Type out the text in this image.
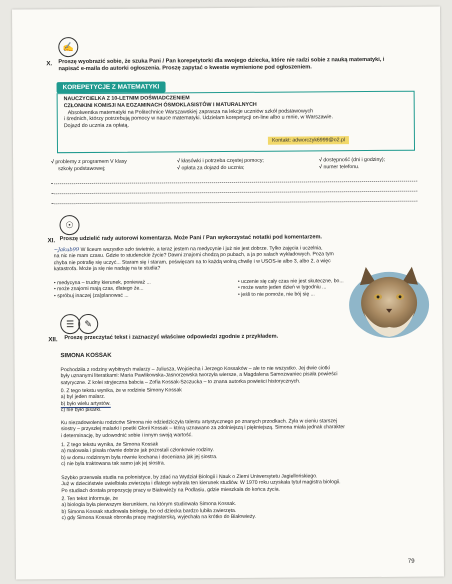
✍
X. Proszę wyobrazić sobie, że szuka Pani / Pan korepetytorki dla swojego dziecka, które nie radzi sobie z nauką matematyki, i napisać e-maila do autorki ogłoszenia. Proszę zapytać o kwestie wymienione pod ogłoszeniem.
KOREPETYCJE Z MATEMATYKI
NAUCZYCIELKA Z 10-LETNIM DOŚWIADCZENIEM
CZŁONKINI KOMISJI NA EGZAMINACH ÓSMOKLASISTÓW I MATURALNYCH
Absolwentka matematyki na Politechnice Warszawskiej zaprasza na lekcje uczniów szkół podstawowych
i średnich, którzy potrzebują pomocy w nauce matematyki. Udzielam korepetycji on-line albo u mnie, w Warszawie.
Dojazd do ucznia za opłatą.
Kontakt: adworczyk6999@o2.pl
√ problemy z programem V klasy
szkoły podstawowej;
√ kłasówki i potrzeba częstej pomocy;
√ opłata za dojazd do ucznia;
√ dostępność (dni i godziny);
√ numer telefonu.
☉
XI. Proszę udzielić rady autorowi komentarza. Może Pani / Pan wykorzystać notatki pod komentarzem.
~Jakub99 W liceum wszystko szło świetnie, a teraz jestem na medycynie i już nie jest dobrze. Tylko zajęcia i uczelnia,
na nic nie mam czasu. Gdzie to studenckie życie? Dawni znajomi chodzą po pubach, a ja po salach wykładowych. Poza tym
chyba nie potrafię się uczyć... Staram się i staram, poświęcam na to każdą wolną chwilę i w USOS-ie albo 3, albo 2, a więc
katastrofa. Może ja się nie nadaję na te studia?
• medycyna – trudny kierunek, ponieważ ...
• może znajomi mają czas, dlatego że...
• spróbuj inaczej (za)planować ...
• uczenie się cały czas nie jest skuteczne, bo...
• może warto jeden dzień w tygodniu ...
• jeśli to nie pomoże, nie bój się ...
☰	✎
XII. Proszę przeczytać tekst i zaznaczyć właściwe odpowiedzi zgodnie z przykładem.
SIMONA KOSSAK
Pochodziła z rodziny wybitnych malarzy – Juliusza, Wojciecha i Jerzego Kossaków – ale to nie wszystko. Jej dwie ciotki
były uznanymi literatkami: Maria Pawlikowska-Jasnorzewska tworzyła wiersze, a Magdalena Samozwaniec pisała powieści
satyryczne. Z kolei stryjeczna babcia – Zofia Kossak-Szczucka – to znana autorka powieści historycznych.
0. Z tego tekstu wynika, że w rodzinie Simony Kossak
a) byl jeden malarz.
b) było wielu artystów.
c) nie było pisarki.
Ku niezadowoleniu rodziców Simona nie odziedziczyła talentu artystycznego po znanych przodkach. Żyła w cieniu starszej
siostry – przyszłej malarki i poetki Glorii Kossak – którą uznawano za zdolniejszą i piękniejszą. Simona miała jednak charakter
i determinację, by udowodnić sobie i innym swoją wartość.
1. Z tego tekstu wynika, że Simona Kossak
a) malowała i pisała równie dobrze jak pozostali członkowie rodziny.
b) w domu rodzinnym była równie kochana i doceniana jak jej siostra.
c) nie była traktowana tak samo jak jej siostra.
Szybko przerwała studia na polonistyce, by zdać na Wydział Biologii i Nauk o Ziemi Uniwersytetu Jagiellońskiego.
Już w dzieciństwie uwielbiała zwierzęta i dlatego wybrała ten kierunek studiów. W 1970 roku uzyskała tytuł magistra biologii.
Po studiach dostała propozycję pracy w Białowieży na Podlasiu, gdzie mieszkała do końca życia.
2. Ten tekst informuje, że
a) biologia była pierwszym kierunkiem, na którym studiowała Simona Kossak.
b) Simona Kossak studiowała biologię, bo od dziecka bardzo lubiła zwierzęta.
c) gdy Simona Kossak obroniła pracę magisterską, wyjechała na krótko do Białowieży.
79
